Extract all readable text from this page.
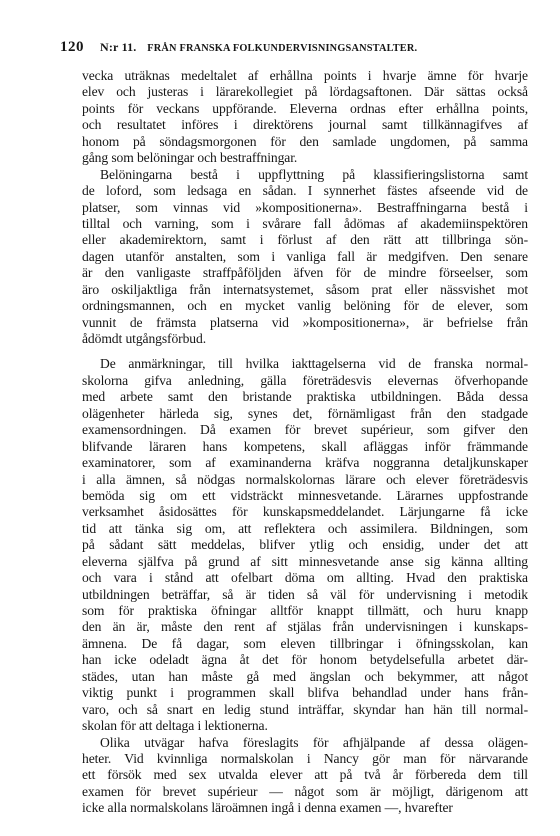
120 N:r 11. FRÅN FRANSKA FOLKUNDERVISNINGSANSTALTER.
vecka uträknas medeltalet af erhållna points i hvarje ämne för hvarje
elev och justeras i lärarekollegiet på lördagsaftonen. Där sättas också
points för veckans uppförande. Eleverna ordnas efter erhållna points,
och resultatet införes i direktörens journal samt tillkännagifves af
honom på söndagsmorgonen för den samlade ungdomen, på samma
gång som belöningar och bestraffningar.
Belöningarna bestå i uppflyttning på klassifieringslistorna samt
de loford, som ledsaga en sådan. I synnerhet fästes afseende vid de
platser, som vinnas vid »kompositionerna». Bestraffningarna bestå i
tilltal och varning, som i svårare fall ådömas af akademiinspektören
eller akademirektorn, samt i förlust af den rätt att tillbringa sön-
dagen utanför anstalten, som i vanliga fall är medgifven. Den senare
är den vanligaste straffpåföljden äfven för de mindre förseelser, som
äro oskiljaktliga från internatsystemet, såsom prat eller nässvishet mot
ordningsmannen, och en mycket vanlig belöning för de elever, som
vunnit de främsta platserna vid »kompositionerna», är befrielse från
ådömdt utgångsförbud.
De anmärkningar, till hvilka iakttagelserna vid de franska normal-
skolorna gifva anledning, gälla företrädesvis elevernas öfverhopande
med arbete samt den bristande praktiska utbildningen. Båda dessa
olägenheter härleda sig, synes det, förnämligast från den stadgade
examensordningen. Då examen för brevet supérieur, som gifver den
blifvande läraren hans kompetens, skall afläggas inför främmande
examinatorer, som af examinanderna kräfva noggranna detaljkunskaper
i alla ämnen, så nödgas normalskolornas lärare och elever företrädesvis
bemöda sig om ett vidsträckt minnesvetande. Lärarnes uppfostrande
verksamhet åsidosättes för kunskapsmeddelandet. Lärjungarne få icke
tid att tänka sig om, att reflektera och assimilera. Bildningen, som
på sådant sätt meddelas, blifver ytlig och ensidig, under det att
eleverna själfva på grund af sitt minnesvetande anse sig känna allting
och vara i stånd att ofelbart döma om allting. Hvad den praktiska
utbildningen beträffar, så är tiden så väl för undervisning i metodik
som för praktiska öfningar alltför knappt tillmätt, och huru knapp
den än är, måste den rent af stjälas från undervisningen i kunskaps-
ämnena. De få dagar, som eleven tillbringar i öfningsskolan, kan
han icke odeladt ägna åt det för honom betydelsefulla arbetet där-
städes, utan han måste gå med ängslan och bekymmer, att något
viktig punkt i programmen skall blifva behandlad under hans från-
varo, och så snart en ledig stund inträffar, skyndar han hän till normal-
skolan för att deltaga i lektionerna.
Olika utvägar hafva föreslagits för afhjälpande af dessa olägen-
heter. Vid kvinnliga normalskolan i Nancy gör man för närvarande
ett försök med sex utvalda elever att på två år förbereda dem till
examen för brevet supérieur — något som är möjligt, därigenom att
icke alla normalskolans läroämnen ingå i denna examen —, hvarefter
